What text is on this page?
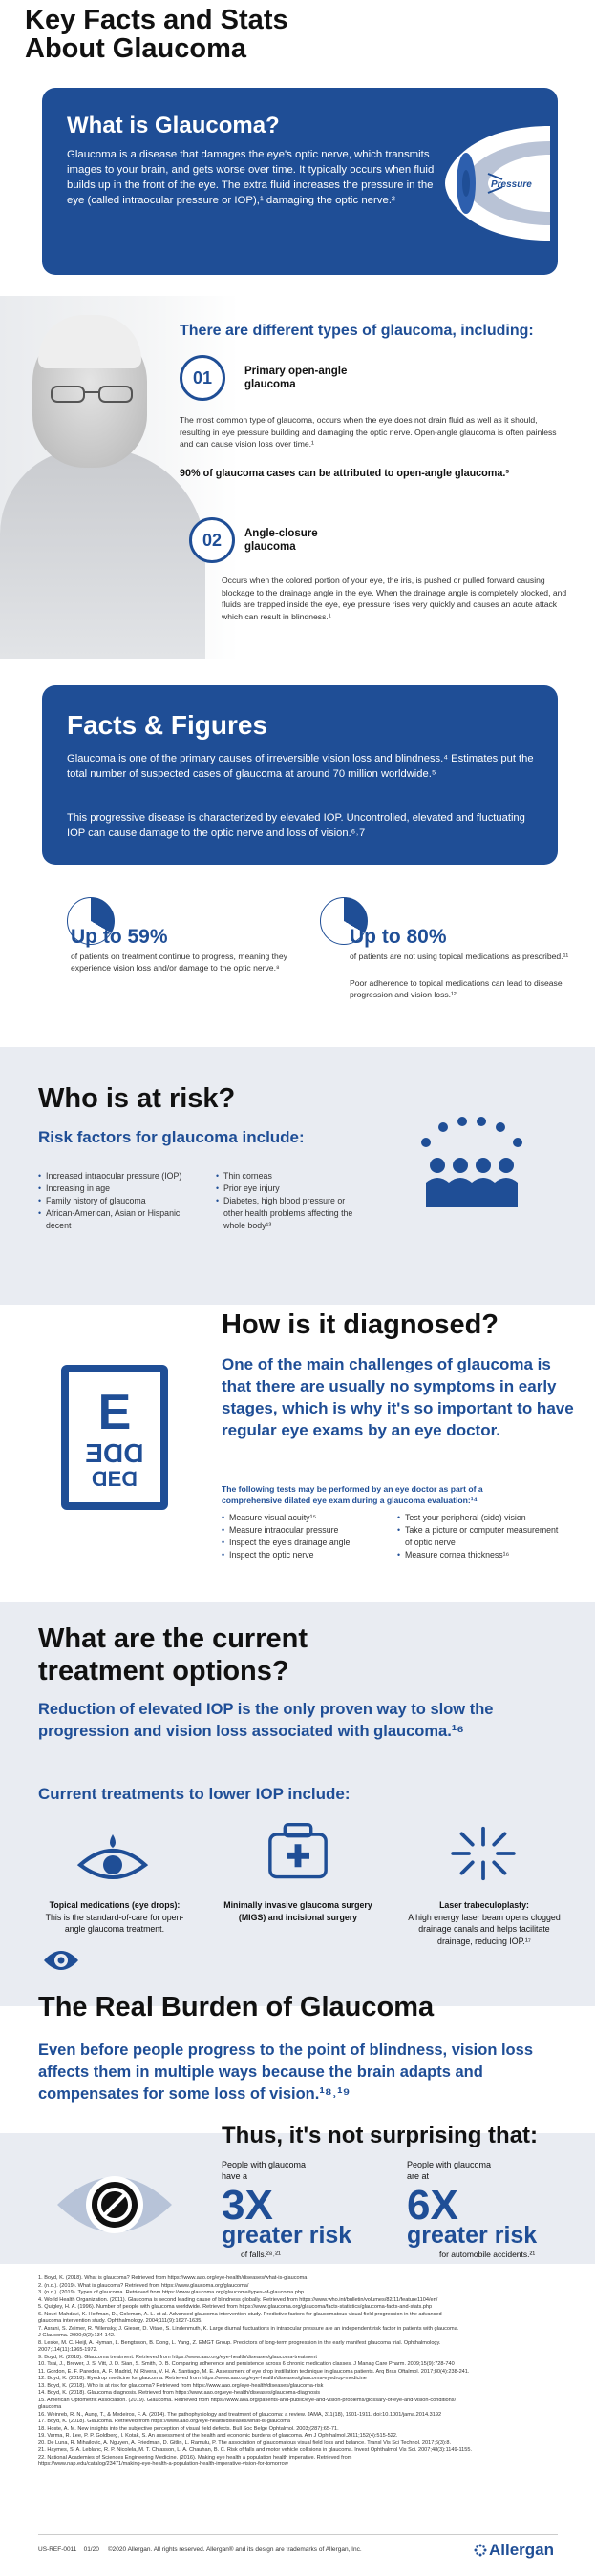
Key Facts and Stats About Glaucoma
What is Glaucoma?

Glaucoma is a disease that damages the eye's optic nerve, which transmits images to your brain, and gets worse over time. It typically occurs when fluid builds up in the front of the eye. The extra fluid increases the pressure in the eye (called intraocular pressure or IOP),¹ damaging the optic nerve.²

Pressure
There are different types of glaucoma, including:
01	Primary open-angle glaucoma
The most common type of glaucoma, occurs when the eye does not drain fluid as well as it should, resulting in eye pressure building and damaging the optic nerve. Open-angle glaucoma is often painless and can cause vision loss over time.¹
90% of glaucoma cases can be attributed to open-angle glaucoma.³
02	Angle-closure glaucoma
Occurs when the colored portion of your eye, the iris, is pushed or pulled forward causing blockage to the drainage angle in the eye. When the drainage angle is completely blocked, and fluids are trapped inside the eye, eye pressure rises very quickly and causes an acute attack which can result in blindness.¹
Facts & Figures

Glaucoma is one of the primary causes of irreversible vision loss and blindness.⁴ Estimates put the total number of suspected cases of glaucoma at around 70 million worldwide.⁵

This progressive disease is characterized by elevated IOP. Uncontrolled, elevated and fluctuating IOP can cause damage to the optic nerve and loss of vision.⁶˒7

Up to 59%
of patients on treatment continue to progress, meaning they experience vision loss and/or damage to the optic nerve.⁸
Up to 80%
of patients are not using topical medications as prescribed.¹¹
Poor adherence to topical medications can lead to disease progression and vision loss.¹²
Who is at risk?
Risk factors for glaucoma include:
• Increased intraocular pressure (IOP)
• Increasing in age
• Family history of glaucoma
• African-American, Asian or Hispanic decent
• Thin corneas
• Prior eye injury
• Diabetes, high blood pressure or other health problems affecting the whole body¹³
How is it diagnosed?
One of the main challenges of glaucoma is that there are usually no symptoms in early stages, which is why it's so important to have regular eye exams by an eye doctor.
E
ƎⱭⱭ
ⱭEⱭ	The following tests may be performed by an eye doctor as part of a comprehensive dilated eye exam during a glaucoma evaluation:¹⁴
• Measure visual acuity¹⁵
• Measure intraocular pressure
• Inspect the eye's drainage angle
• Inspect the optic nerve
• Test your peripheral (side) vision
• Take a picture or computer measurement of optic nerve
• Measure cornea thickness¹⁶
What are the current treatment options?
Reduction of elevated IOP is the only proven way to slow the progression and vision loss associated with glaucoma.¹⁶
Current treatments to lower IOP include:
Topical medications (eye drops):
This is the standard-of-care for open-angle glaucoma treatment.
Minimally invasive glaucoma surgery (MIGS) and incisional surgery
Laser trabeculoplasty:
A high energy laser beam opens clogged drainage canals and helps facilitate drainage, reducing IOP.¹⁷
The Real Burden of Glaucoma
Even before people progress to the point of blindness, vision loss affects them in multiple ways because the brain adapts and compensates for some loss of vision.¹⁸˒¹⁹
Thus, it's not surprising that:
People with glaucoma have a
3X
greater risk
of falls.²⁸˒²¹
People with glaucoma are at
6X
greater risk
for automobile accidents.²¹
1. Boyd, K. (2018). What is glaucoma? Retrieved from https://www.aao.org/eye-health/diseases/what-is-glaucoma
2. (n.d.). (2019). What is glaucoma? Retrieved from https://www.glaucoma.org/glaucoma/
3. (n.d.). (2019). Types of glaucoma. Retrieved from https://www.glaucoma.org/glaucoma/types-of-glaucoma.php
4. World Health Organization. (2011). Glaucoma is second leading cause of blindness globally. Retrieved from https://www.who.int/bulletin/volumes/82/11/feature1104/en/
5. Quigley, H. A. (1996). Number of people with glaucoma worldwide. Retrieved from https://www.glaucoma.org/glaucoma/facts-statistics/glaucoma-facts-and-stats.php
6. Nouri-Mahdavi, K. Hoffman, D., Coleman, A. L. et al. Advanced glaucoma intervention study. Predictive factors for glaucomatous visual field progression in the advanced
glaucoma intervention study. Ophthalmology. 2004;111(9):1627-1635.
7. Asrani, S. Zeimer, R. Wilensky, J. Gieser, D. Vitale, S. Lindenmuth, K. Large diurnal fluctuations in intraocular pressure are an independent risk factor in patients with glaucoma.
J Glaucoma. 2000;9(2):134-142.
8. Leske, M. C. Heijl, A. Hyman, L. Bengtsson, B. Dong, L. Yang, Z. EMGT Group. Predictors of long-term progression in the early manifest glaucoma trial. Ophthalmology.
2007;114(11):1965-1972.
9. Boyd, K. (2018). Glaucoma treatment. Retrieved from https://www.aao.org/eye-health/diseases/glaucoma-treatment
10. Tsai, J., Brewer, J. S. Vitt, J. D. Sian, S. Smith, D. B. Comparing adherence and persistence across 6 chronic medication classes. J Manag Care Pharm. 2009;15(9):728-740
11. Gordon, E. F. Paredes, A. F. Madrid, N. Rivera, V. H. A. Santiago, M. E. Assessment of eye drop instillation technique in glaucoma patients. Arq Bras Oftalmol. 2017;80(4):238-241.
12. Boyd, K. (2018). Eyedrop medicine for glaucoma. Retrieved from https://www.aao.org/eye-health/diseases/glaucoma-eyedrop-medicine
13. Boyd, K. (2018). Who is at risk for glaucoma? Retrieved from https://www.aao.org/eye-health/diseases/glaucoma-risk
14. Boyd, K. (2018). Glaucoma diagnosis. Retrieved from https://www.aao.org/eye-health/diseases/glaucoma-diagnosis
15. American Optometric Association. (2019). Glaucoma. Retrieved from https://www.aoa.org/patients-and-public/eye-and-vision-problems/glossary-of-eye-and-vision-conditions/
glaucoma
16. Weinreb, R. N., Aung, T., & Medeiros, F. A. (2014). The pathophysiology and treatment of glaucoma: a review. JAMA, 311(18), 1901-1911. doi:10.1001/jama.2014.3192
17. Boyd, K. (2018). Glaucoma. Retrieved from https://www.aao.org/eye-health/diseases/what-is-glaucoma
18. Hoste, A. M. New insights into the subjective perception of visual field defects. Bull Soc Belge Ophtalmol. 2003;(287):65-71.
19. Varma, R. Lee, P. P. Goldberg, I. Kotak, S. An assessment of the health and economic burdens of glaucoma. Am J Ophthalmol.2011;152(4):515-522.
20. De Luna, R. Mihailovic, A. Nguyen, A. Friedman, D. Gitlin, L. Ramulu, P. The association of glaucomatous visual field loss and balance. Transl Vis Sci Technol. 2017;6(3):8.
21. Haymes, S. A. Leblanc, R. P. Nicolela, M. T. Chiasson, L. A. Chauhan, B. C. Risk of falls and motor vehicle collisions in glaucoma. Invest Ophthalmol Vis Sci. 2007;48(3):1149-1155.
22. National Academies of Sciences Engineering Medicine. (2016). Making eye health a population health imperative. Retrieved from
https://www.nap.edu/catalog/23471/making-eye-health-a-population-health-imperative-vision-for-tomorrow
US-REF-0011 01/20 ©2020 Allergan. All rights reserved. Allergan® and its design are trademarks of Allergan, Inc.	Allergan
